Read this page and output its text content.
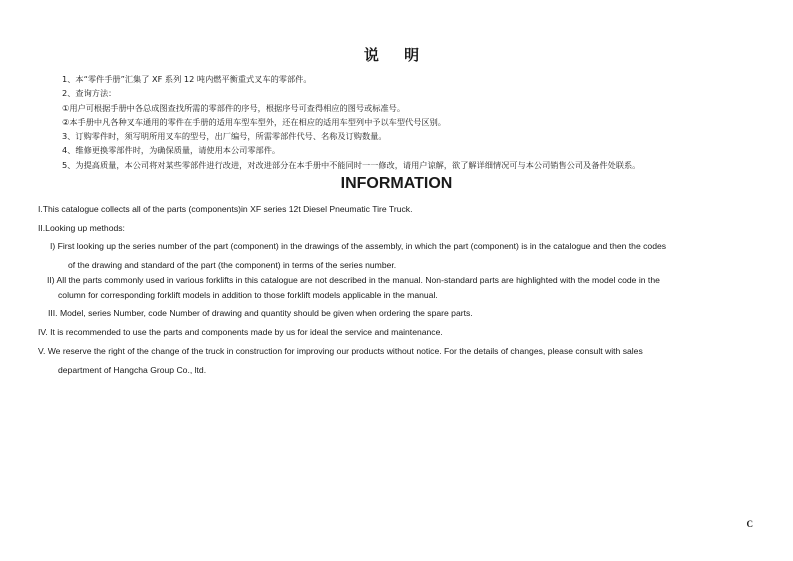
说 明
1、本“零件手册”汇集了 XF 系列 12 吨内燃平衡重式叉车的零部件。
2、查询方法：
①用户可根据手册中各总成图查找所需的零部件的序号，根据序号可查得相应的图号或标准号。
②本手册中凡各种叉车通用的零件在手册的适用车型车型外，还在相应的适用车型列中予以车型代号区别。
3、订购零件时，须写明所用叉车的型号，出厂编号，所需零部件代号、名称及订购数量。
4、维修更换零部件时，为确保质量，请使用本公司零部件。
5、为提高质量，本公司将对某些零部件进行改进，对改进部分在本手册中不能同时一一修改，请用户谅解，欲了解详细情况可与本公司销售公司及备件处联系。
INFORMATION
I.This catalogue collects all of the parts (components)in XF series 12t Diesel Pneumatic Tire Truck.
II.Looking up methods:
I) First looking up the series number of the part (component) in the drawings of the assembly, in which the part (component) is in the catalogue and then the codes
of the drawing and standard of the part (the component) in terms of the series number.
II) All the parts commonly used in various forklifts in this catalogue are not described in the manual. Non-standard parts are highlighted with the model code in the
column for corresponding forklift models in addition to those forklift models applicable in the manual.
III. Model, series Number, code Number of drawing and quantity should be given when ordering the spare parts.
IV. It is recommended to use the parts and components made by us for ideal the service and maintenance.
V. We reserve the right of the change of the truck in construction for improving our products without notice. For the details of changes, please consult with sales
department of Hangcha Group Co., ltd.
C
